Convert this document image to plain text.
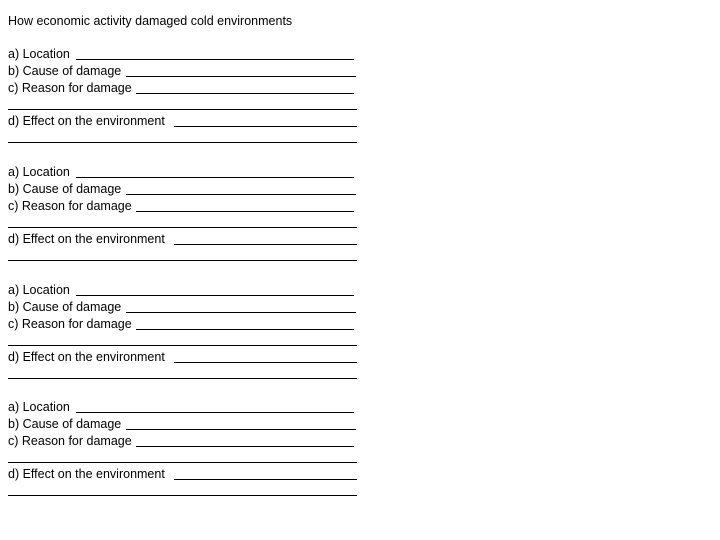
How economic activity damaged cold environments
a) Location
b) Cause of damage
c) Reason for damage
d) Effect on the environment
a) Location
b) Cause of damage
c) Reason for damage
d) Effect on the environment
a) Location
b) Cause of damage
c) Reason for damage
d) Effect on the environment
a) Location
b) Cause of damage
c) Reason for damage
d) Effect on the environment
